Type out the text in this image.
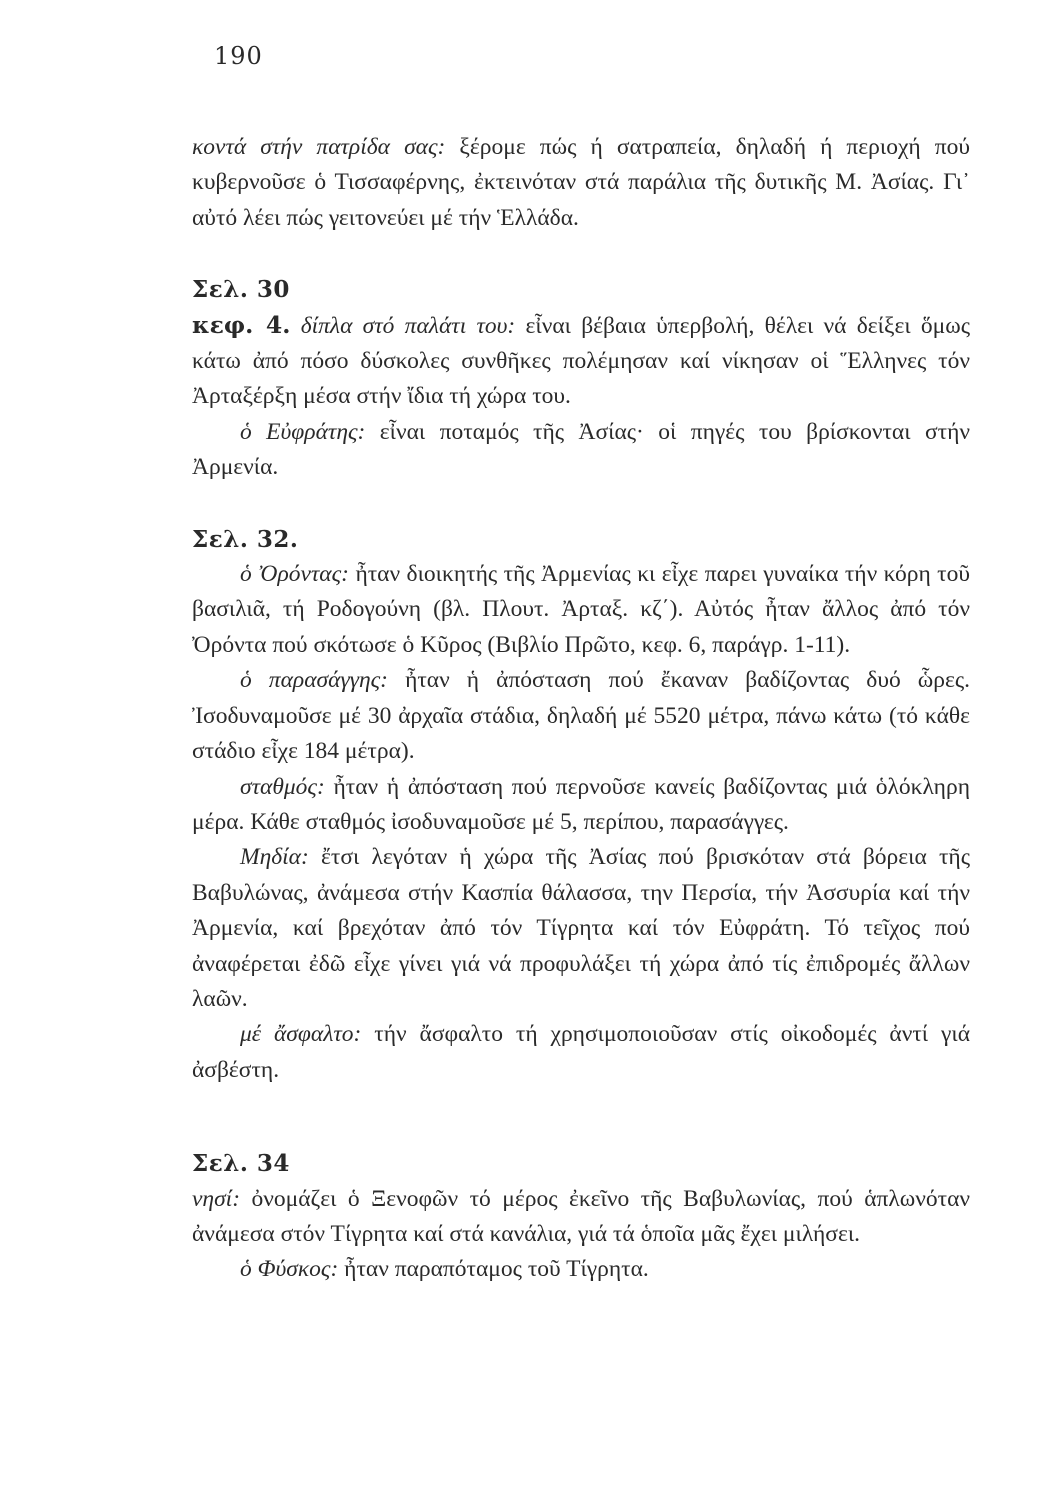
190

κοντά στήν πατρίδα σας: ξέρομε πώς ή σατραπεία, δηλαδή ή περιοχή πού κυβερνοῦσε ὁ Τισσαφέρνης, ἐκτεινόταν στά παράλια τῆς δυτικῆς Μ. Ἀσίας. Γι᾽ αὐτό λέει πώς γειτονεύει μέ τήν Ἑλλάδα.

Σελ. 30

κεφ. 4. δίπλα στό παλάτι του: εἶναι βέβαια ὑπερβολή, θέλει νά δείξει ὅμως κάτω ἀπό πόσο δύσκολες συνθῆκες πολέμησαν καί νίκησαν οἱ Ἕλληνες τόν Ἀρταξέρξη μέσα στήν ἴδια τή χώρα του.

ὁ Εὐφράτης: εἶναι ποταμός τῆς Ἀσίας· οἱ πηγές του βρίσκονται στήν Ἀρμενία.

Σελ. 32.

ὁ Ὀρόντας: ἦταν διοικητής τῆς Ἀρμενίας κι εἶχε παρει γυναίκα τήν κόρη τοῦ βασιλιᾶ, τή Ροδογούνη (βλ. Πλουτ. Ἀρταξ. κζ΄). Αὐτός ἦταν ἄλλος ἀπό τόν Ὀρόντα πού σκότωσε ὁ Κῦρος (Βιβλίο Πρῶτο, κεφ. 6, παράγρ. 1-11).

ὁ παρασάγγης: ἦταν ἡ ἀπόσταση πού ἔκαναν βαδίζοντας δυό ὧρες. Ἰσοδυναμοῦσε μέ 30 ἀρχαῖα στάδια, δηλαδή μέ 5520 μέτρα, πάνω κάτω (τό κάθε στάδιο εἶχε 184 μέτρα).

σταθμός: ἦταν ἡ ἀπόσταση πού περνοῦσε κανείς βαδίζοντας μιά ὁλόκληρη μέρα. Κάθε σταθμός ἰσοδυναμοῦσε μέ 5, περίπου, παρασάγγες.

Μηδία: ἔτσι λεγόταν ἡ χώρα τῆς Ἀσίας πού βρισκόταν στά βόρεια τῆς Βαβυλώνας, ἀνάμεσα στήν Κασπία θάλασσα, την Περσία, τήν Ἀσσυρία καί τήν Ἀρμενία, καί βρεχόταν ἀπό τόν Τίγρητα καί τόν Εὐφράτη. Τό τεῖχος πού ἀναφέρεται ἐδῶ εἶχε γίνει γιά νά προφυλάξει τή χώρα ἀπό τίς ἐπιδρομές ἄλλων λαῶν.

μέ ἄσφαλτο: τήν ἄσφαλτο τή χρησιμοποιοῦσαν στίς οἰκοδομές ἀντί γιά ἀσβέστη.

Σελ. 34

νησί: ὀνομάζει ὁ Ξενοφῶν τό μέρος ἐκεῖνο τῆς Βαβυλωνίας, πού ἁπλωνόταν ἀνάμεσα στόν Τίγρητα καί στά κανάλια, γιά τά ὁποῖα μᾶς ἔχει μιλήσει.

ὁ Φύσκος: ἦταν παραπόταμος τοῦ Τίγρητα.
